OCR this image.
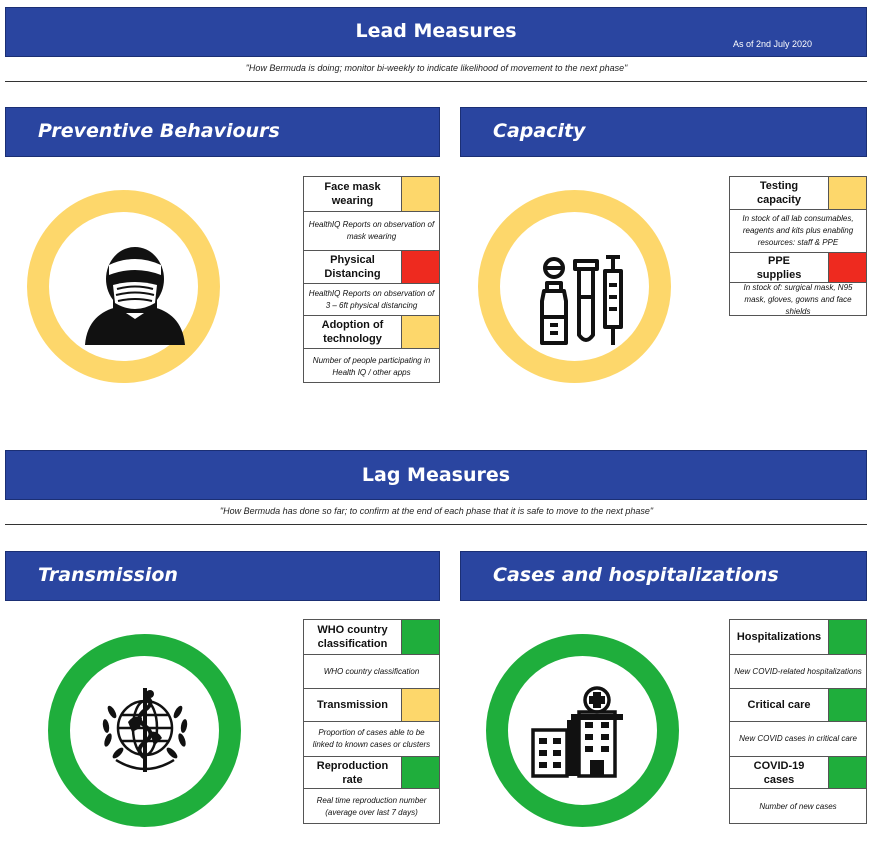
Lead Measures
As of 2nd July 2020
"How Bermuda is doing; monitor bi-weekly to indicate likelihood of movement to the next phase"
Preventive Behaviours
Face mask wearing
HealthIQ Reports on observation of mask wearing
Physical Distancing
HealthIQ Reports on observation of 3 – 6ft physical distancing
Adoption of technology
Number of people participating in Health IQ / other apps
Capacity
Testing capacity
In stock of all lab consumables, reagents and kits plus enabling resources: staff & PPE
PPE supplies
In stock of: surgical mask, N95 mask, gloves, gowns and face shields
Lag Measures
"How Bermuda has done so far; to confirm at the end of each phase that it is safe to move to the next phase"
Transmission
WHO country classification
WHO country classification
Transmission
Proportion of cases able to be linked to known cases or clusters
Reproduction rate
Real time reproduction number (average over last 7 days)
Cases and hospitalizations
Hospitalizations
New COVID-related hospitalizations
Critical care
New COVID cases in critical care
COVID-19 cases
Number of new cases
